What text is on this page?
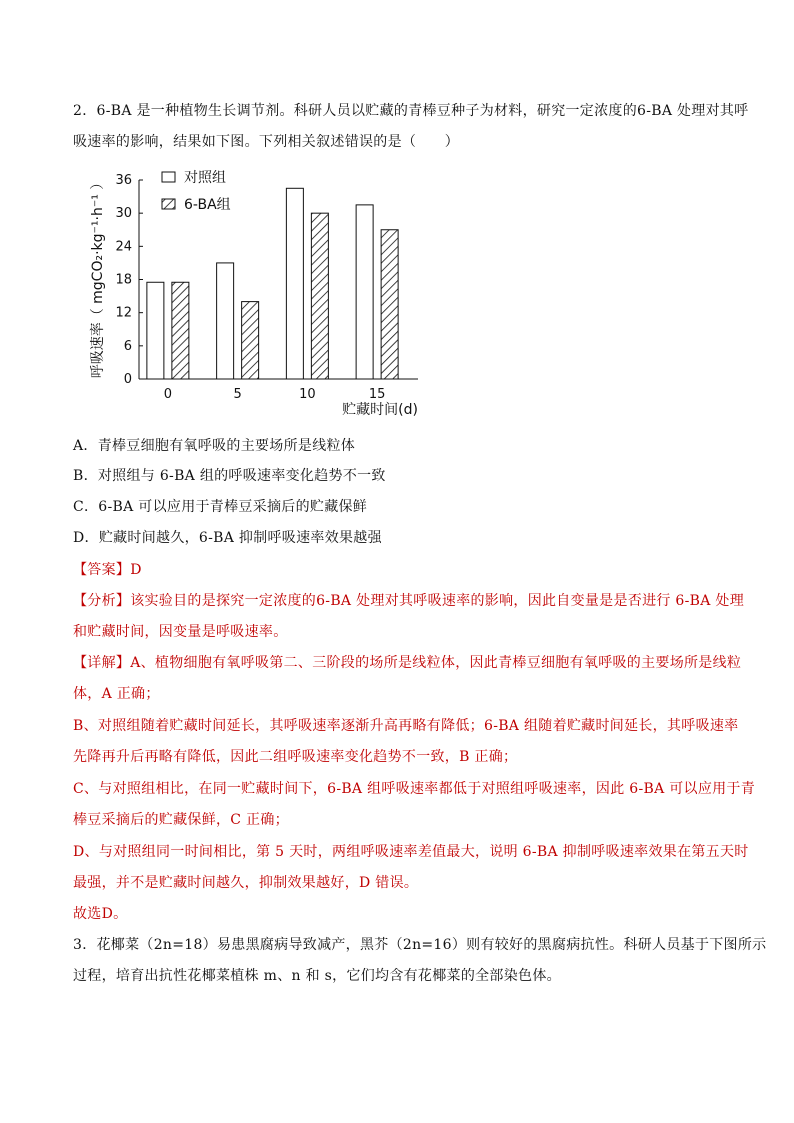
2．6-BA 是一种植物生长调节剂。科研人员以贮藏的青棒豆种子为材料，研究一定浓度的6-BA 处理对其呼
吸速率的影响，结果如下图。下列相关叙述错误的是（　　）
呼吸速率（ mgCO₂·kg⁻¹·h⁻¹ ）
0
6
12
18
24
30
36
0	5	10	15
对照组
6-BA组
贮藏时间(d)
A．青棒豆细胞有氧呼吸的主要场所是线粒体
B．对照组与 6-BA 组的呼吸速率变化趋势不一致
C．6-BA 可以应用于青棒豆采摘后的贮藏保鲜
D．贮藏时间越久，6-BA 抑制呼吸速率效果越强
【答案】D
【分析】该实验目的是探究一定浓度的6-BA 处理对其呼吸速率的影响，因此自变量是是否进行 6-BA 处理
和贮藏时间，因变量是呼吸速率。
【详解】A、植物细胞有氧呼吸第二、三阶段的场所是线粒体，因此青棒豆细胞有氧呼吸的主要场所是线粒
体，A 正确；
B、对照组随着贮藏时间延长，其呼吸速率逐渐升高再略有降低；6-BA 组随着贮藏时间延长，其呼吸速率
先降再升后再略有降低，因此二组呼吸速率变化趋势不一致，B 正确；
C、与对照组相比，在同一贮藏时间下，6-BA 组呼吸速率都低于对照组呼吸速率，因此 6-BA 可以应用于青
棒豆采摘后的贮藏保鲜，C 正确；
D、与对照组同一时间相比，第 5 天时，两组呼吸速率差值最大，说明 6-BA 抑制呼吸速率效果在第五天时
最强，并不是贮藏时间越久，抑制效果越好，D 错误。
故选D。
3．花椰菜（2n=18）易患黑腐病导致减产，黑芥（2n=16）则有较好的黑腐病抗性。科研人员基于下图所示
过程，培育出抗性花椰菜植株 m、n 和 s，它们均含有花椰菜的全部染色体。
